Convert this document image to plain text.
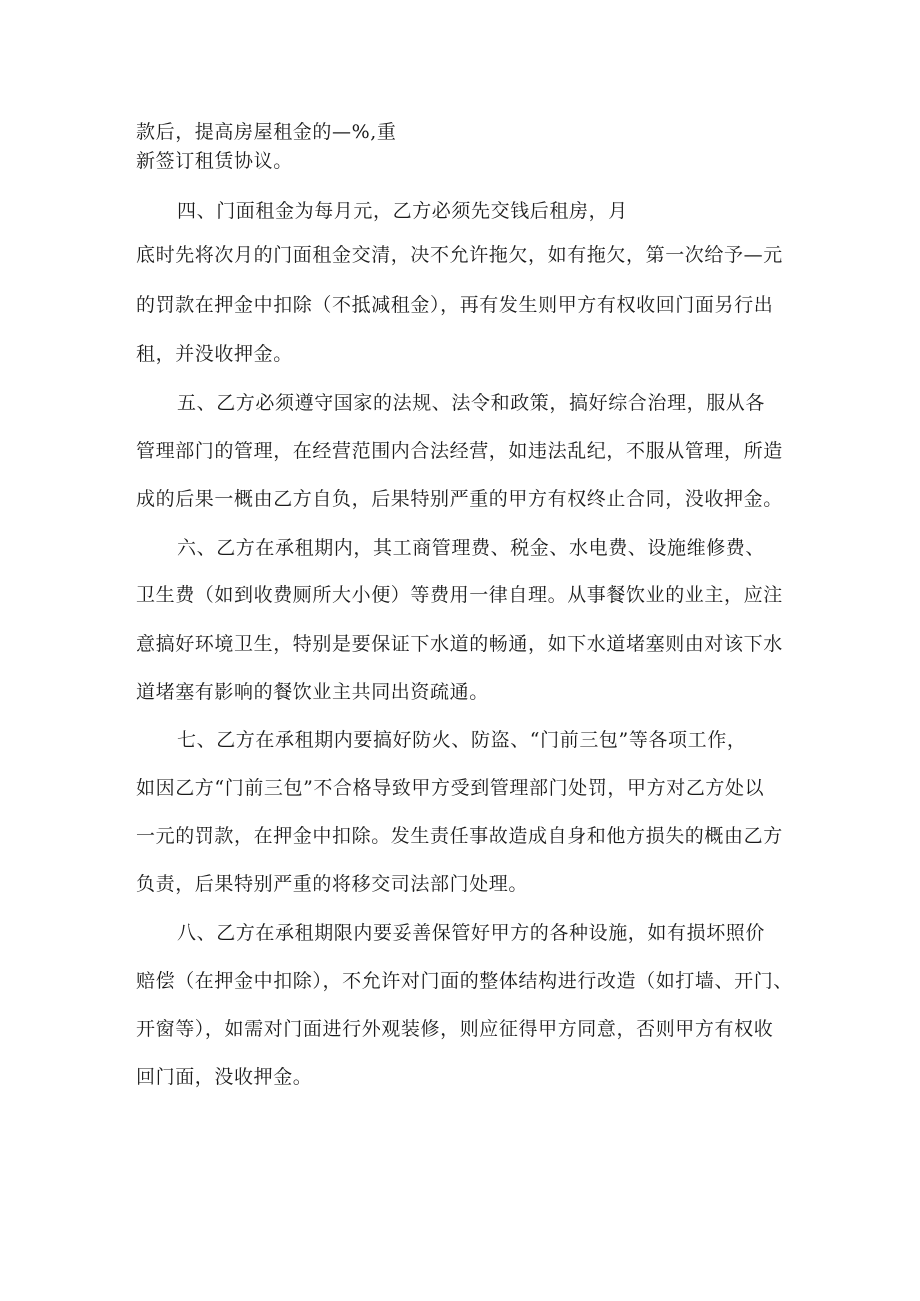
款后，提高房屋租金的—%,重
新签订租赁协议。
四、门面租金为每月元，乙方必须先交钱后租房，月
底时先将次月的门面租金交清，决不允许拖欠，如有拖欠，第一次给予—元
的罚款在押金中扣除（不抵减租金），再有发生则甲方有权收回门面另行出
租，并没收押金。
五、乙方必须遵守国家的法规、法令和政策，搞好综合治理，服从各
管理部门的管理，在经营范围内合法经营，如违法乱纪，不服从管理，所造
成的后果一概由乙方自负，后果特别严重的甲方有权终止合同，没收押金。
六、乙方在承租期内，其工商管理费、税金、水电费、设施维修费、
卫生费（如到收费厕所大小便）等费用一律自理。从事餐饮业的业主，应注
意搞好环境卫生，特别是要保证下水道的畅通，如下水道堵塞则由对该下水
道堵塞有影响的餐饮业主共同出资疏通。
七、乙方在承租期内要搞好防火、防盗、“门前三包”等各项工作，
如因乙方“门前三包”不合格导致甲方受到管理部门处罚，甲方对乙方处以
一元的罚款，在押金中扣除。发生责任事故造成自身和他方损失的概由乙方
负责，后果特别严重的将移交司法部门处理。
八、乙方在承租期限内要妥善保管好甲方的各种设施，如有损坏照价
赔偿（在押金中扣除），不允许对门面的整体结构进行改造（如打墙、开门、
开窗等），如需对门面进行外观装修，则应征得甲方同意，否则甲方有权收
回门面，没收押金。
